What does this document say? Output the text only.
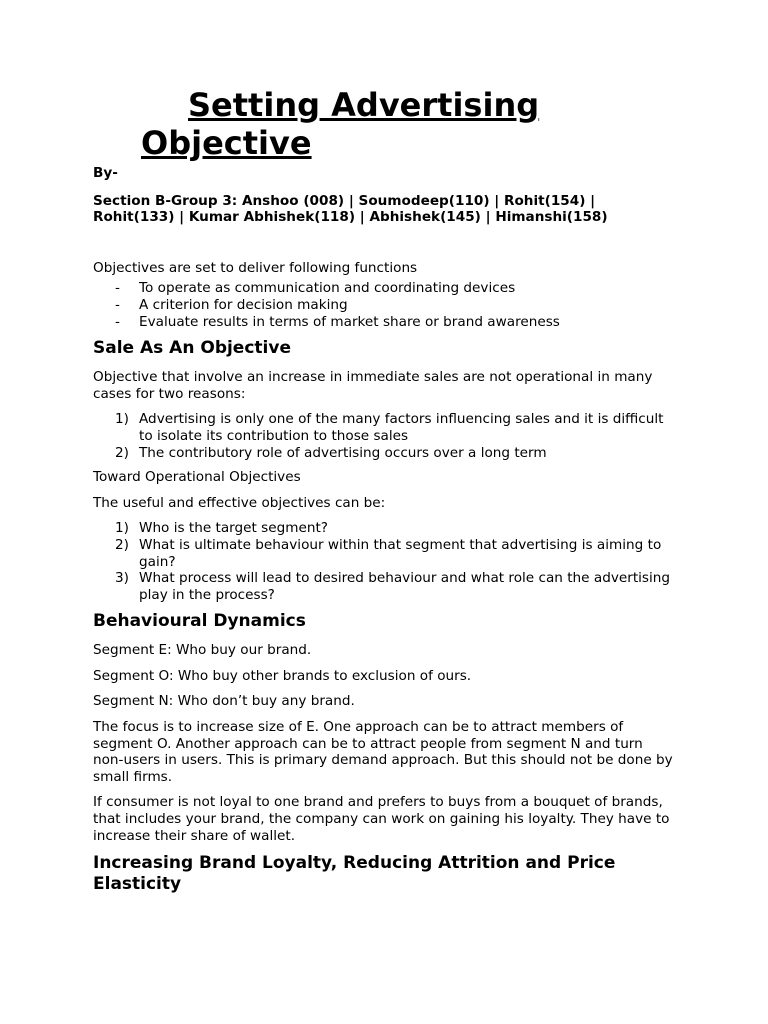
Setting Advertising
Objective

By-

Section B-Group 3: Anshoo (008) | Soumodeep(110) | Rohit(154) | Rohit(133) | Kumar Abhishek(118) | Abhishek(145) | Himanshi(158)

Objectives are set to deliver following functions

- To operate as communication and coordinating devices
- A criterion for decision making
- Evaluate results in terms of market share or brand awareness
Sale As An Objective

Objective that involve an increase in immediate sales are not operational in many cases for two reasons:

1) Advertising is only one of the many factors influencing sales and it is difficult to isolate its contribution to those sales
2) The contributory role of advertising occurs over a long term

Toward Operational Objectives

The useful and effective objectives can be:

1) Who is the target segment?
2) What is ultimate behaviour within that segment that advertising is aiming to gain?
3) What process will lead to desired behaviour and what role can the advertising play in the process?
Behavioural Dynamics

Segment E: Who buy our brand.

Segment O: Who buy other brands to exclusion of ours.

Segment N: Who don’t buy any brand.

The focus is to increase size of E. One approach can be to attract members of segment O. Another approach can be to attract people from segment N and turn non-users in users. This is primary demand approach. But this should not be done by small firms.

If consumer is not loyal to one brand and prefers to buys from a bouquet of brands, that includes your brand, the company can work on gaining his loyalty. They have to increase their share of wallet.

Increasing Brand Loyalty, Reducing Attrition and Price Elasticity
